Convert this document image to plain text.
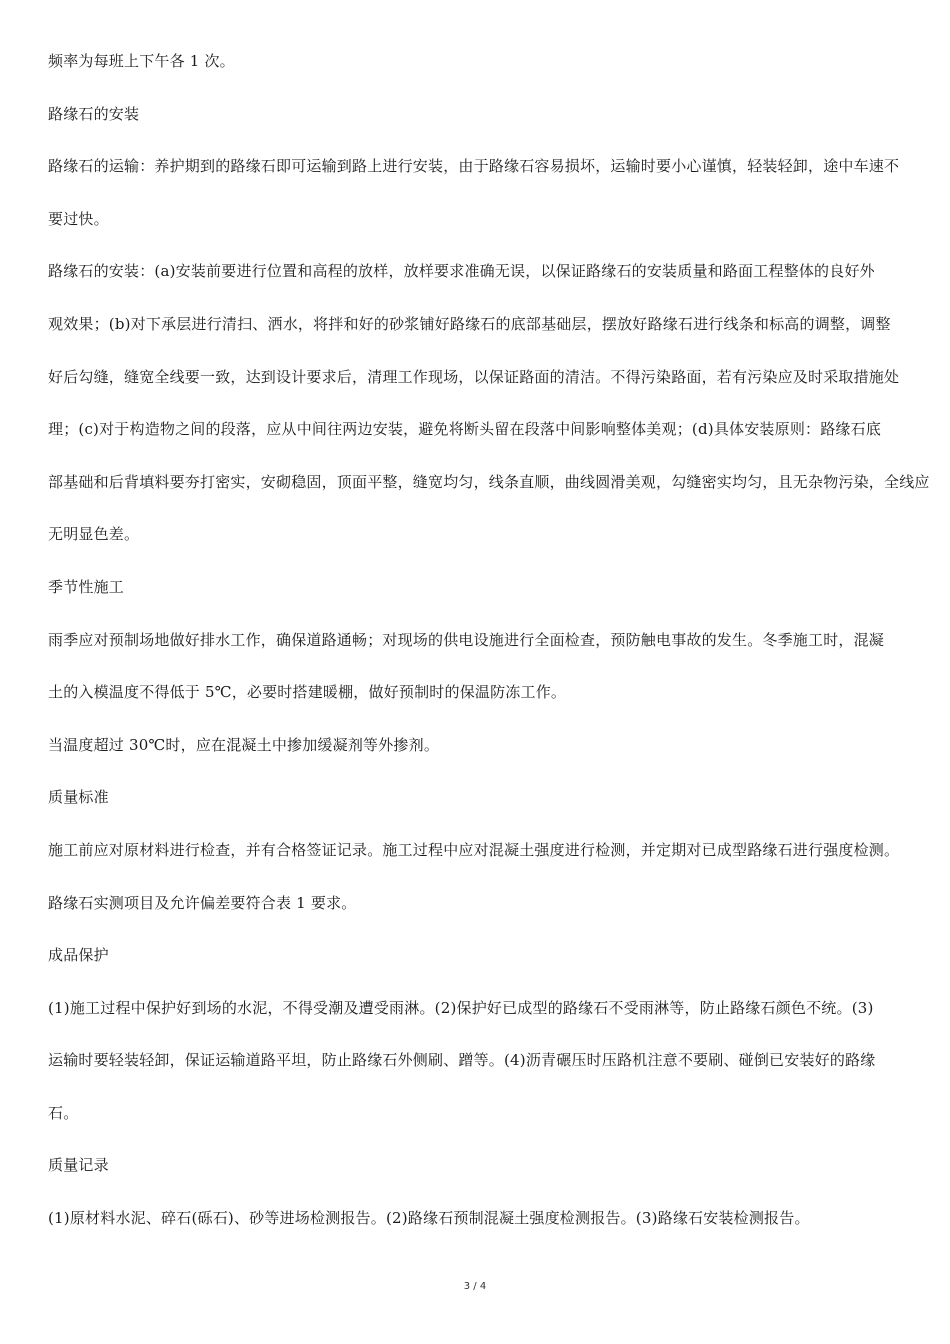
频率为每班上下午各 1 次。
路缘石的安装
路缘石的运输：养护期到的路缘石即可运输到路上进行安装，由于路缘石容易损坏，运输时要小心谨慎，轻装轻卸，途中车速不
要过快。
路缘石的安装：(a)安装前要进行位置和高程的放样，放样要求准确无误，以保证路缘石的安装质量和路面工程整体的良好外
观效果；(b)对下承层进行清扫、洒水，将拌和好的砂浆铺好路缘石的底部基础层，摆放好路缘石进行线条和标高的调整，调整
好后勾缝，缝宽全线要一致，达到设计要求后，清理工作现场，以保证路面的清洁。不得污染路面，若有污染应及时采取措施处
理；(c)对于构造物之间的段落，应从中间往两边安装，避免将断头留在段落中间影响整体美观；(d)具体安装原则：路缘石底
部基础和后背填料要夯打密实，安砌稳固，顶面平整，缝宽均匀，线条直顺，曲线圆滑美观，勾缝密实均匀，且无杂物污染，全线应
无明显色差。
季节性施工
雨季应对预制场地做好排水工作，确保道路通畅；对现场的供电设施进行全面检查，预防触电事故的发生。冬季施工时，混凝
土的入模温度不得低于 5℃，必要时搭建暖棚，做好预制时的保温防冻工作。
当温度超过 30℃时，应在混凝土中掺加缓凝剂等外掺剂。
质量标准
施工前应对原材料进行检查，并有合格签证记录。施工过程中应对混凝土强度进行检测，并定期对已成型路缘石进行强度检测。
路缘石实测项目及允许偏差要符合表 1 要求。
成品保护
(1)施工过程中保护好到场的水泥，不得受潮及遭受雨淋。(2)保护好已成型的路缘石不受雨淋等，防止路缘石颜色不统。(3)
运输时要轻装轻卸，保证运输道路平坦，防止路缘石外侧刷、蹭等。(4)沥青碾压时压路机注意不要刷、碰倒已安装好的路缘
石。
质量记录
(1)原材料水泥、碎石(砾石)、砂等进场检测报告。(2)路缘石预制混凝土强度检测报告。(3)路缘石安装检测报告。
3 / 4
